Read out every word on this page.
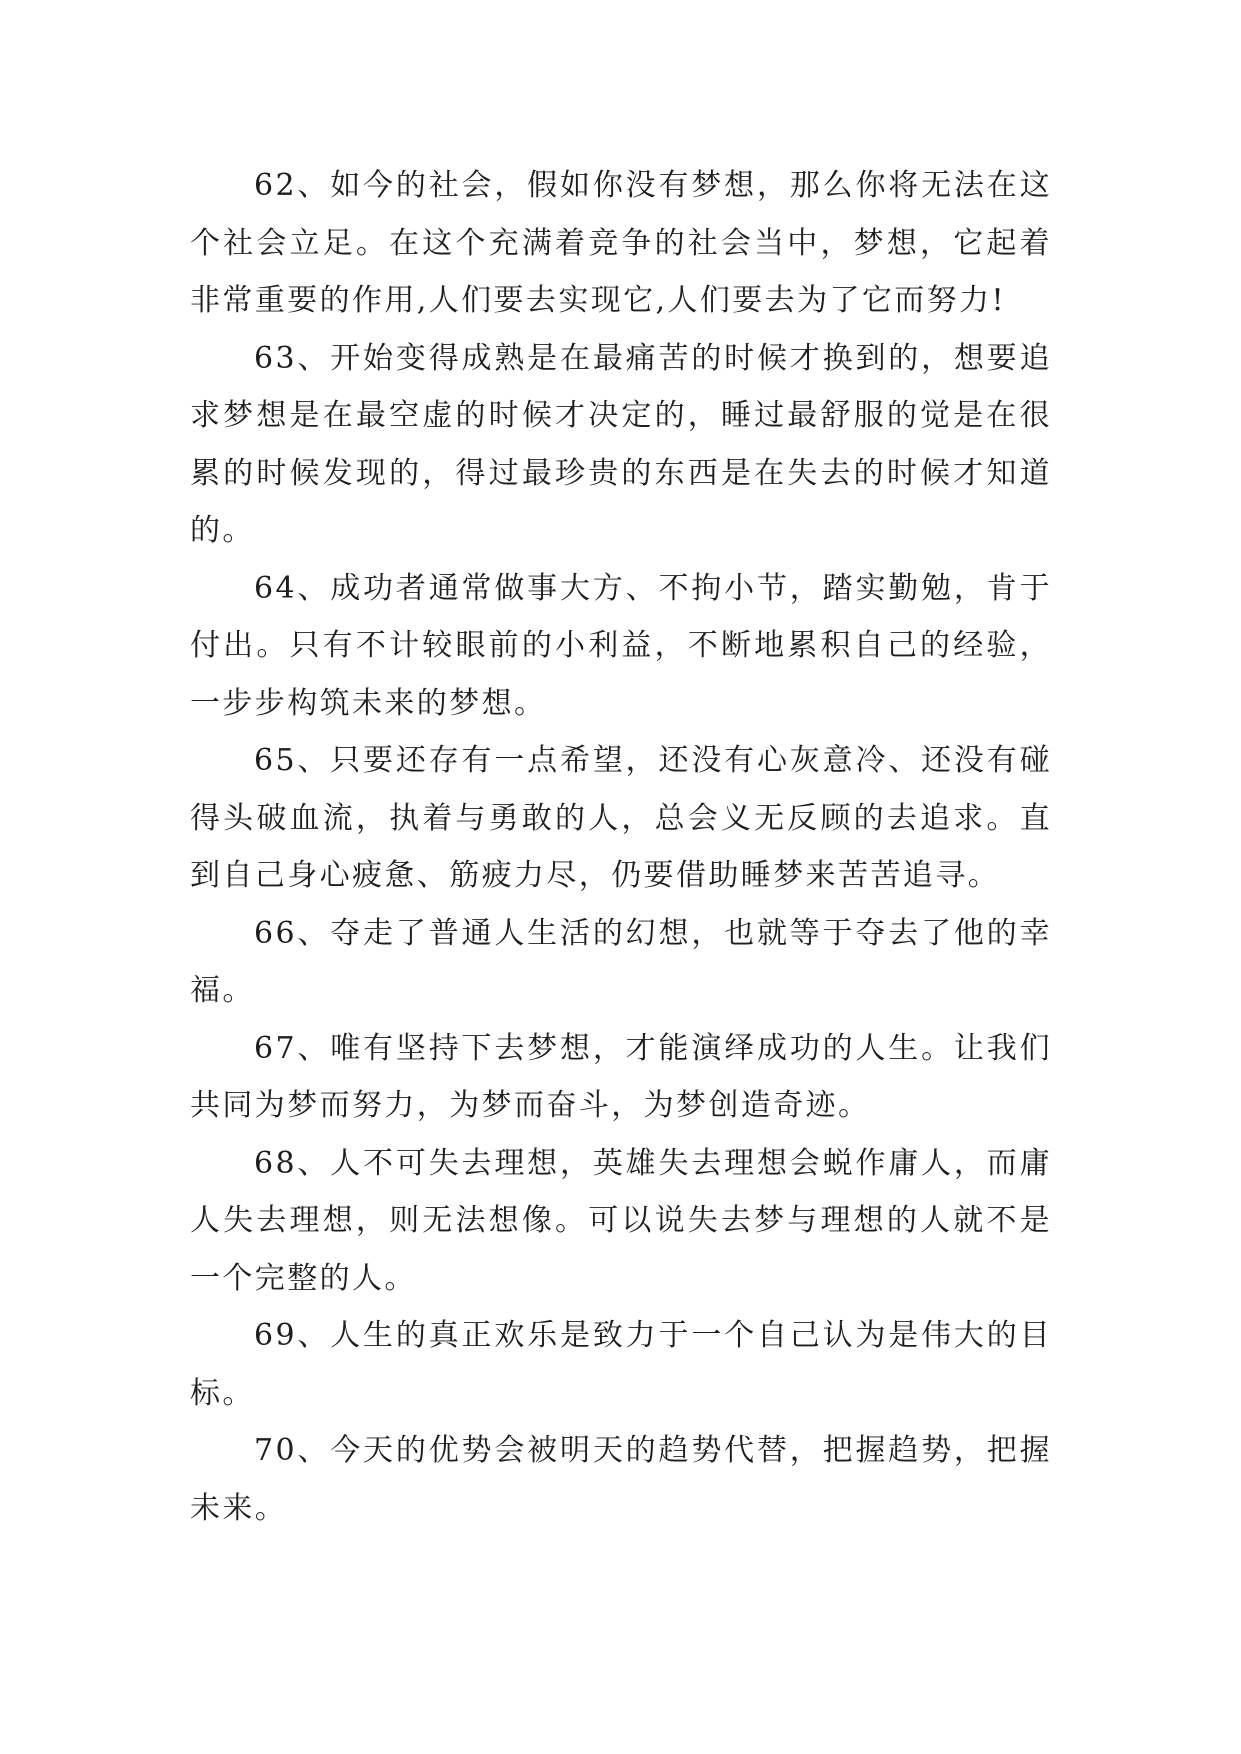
62、如今的社会，假如你没有梦想，那么你将无法在这个社会立足。在这个充满着竞争的社会当中，梦想，它起着非常重要的作用,人们要去实现它,人们要去为了它而努力!

63、开始变得成熟是在最痛苦的时候才换到的，想要追求梦想是在最空虚的时候才决定的，睡过最舒服的觉是在很累的时候发现的，得过最珍贵的东西是在失去的时候才知道的。

64、成功者通常做事大方、不拘小节，踏实勤勉，肯于付出。只有不计较眼前的小利益，不断地累积自己的经验，一步步构筑未来的梦想。

65、只要还存有一点希望，还没有心灰意冷、还没有碰得头破血流，执着与勇敢的人，总会义无反顾的去追求。直到自己身心疲惫、筋疲力尽，仍要借助睡梦来苦苦追寻。

66、夺走了普通人生活的幻想，也就等于夺去了他的幸福。

67、唯有坚持下去梦想，才能演绎成功的人生。让我们共同为梦而努力，为梦而奋斗，为梦创造奇迹。

68、人不可失去理想，英雄失去理想会蜕作庸人，而庸人失去理想，则无法想像。可以说失去梦与理想的人就不是一个完整的人。

69、人生的真正欢乐是致力于一个自己认为是伟大的目标。

70、今天的优势会被明天的趋势代替，把握趋势，把握未来。
